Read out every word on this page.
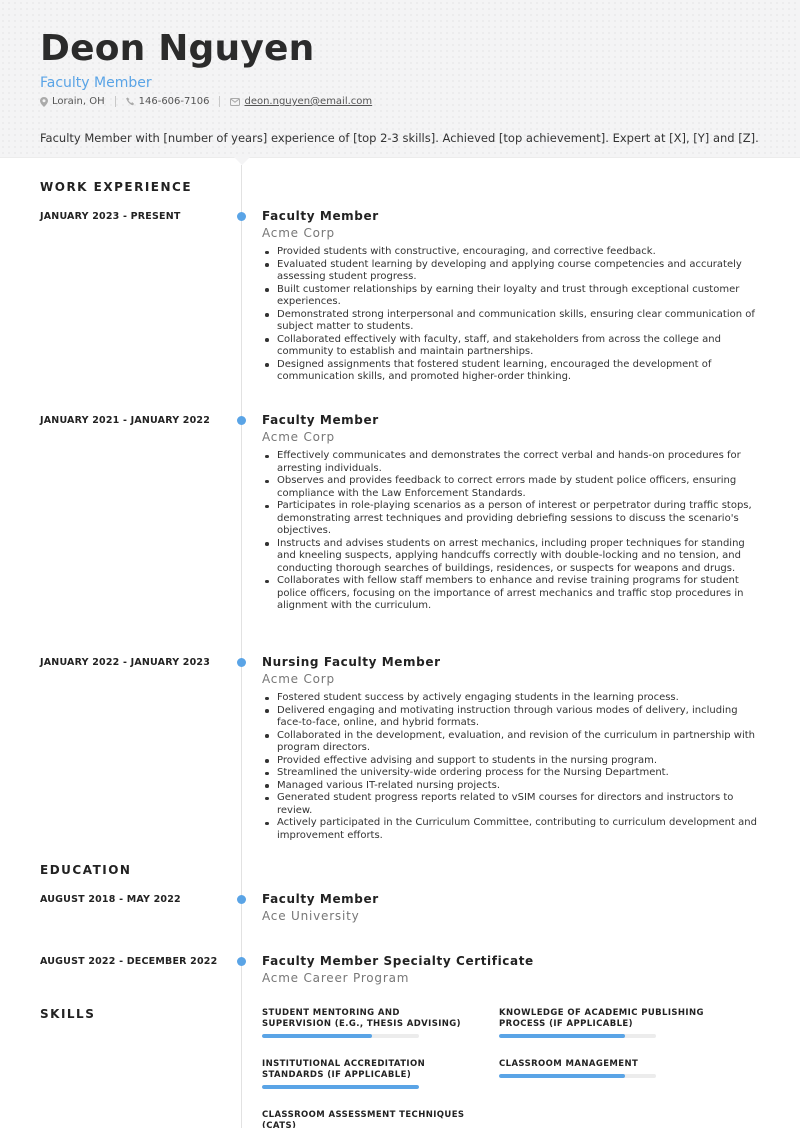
Deon Nguyen
Faculty Member
Lorain, OH	146-606-7106	deon.nguyen@email.com
Faculty Member with [number of years] experience of [top 2-3 skills]. Achieved [top achievement]. Expert at [X], [Y] and [Z].
WORK EXPERIENCE
JANUARY 2023 - PRESENT	Faculty Member
Acme Corp
Provided students with constructive, encouraging, and corrective feedback.
Evaluated student learning by developing and applying course competencies and accurately assessing student progress.
Built customer relationships by earning their loyalty and trust through exceptional customer experiences.
Demonstrated strong interpersonal and communication skills, ensuring clear communication of subject matter to students.
Collaborated effectively with faculty, staff, and stakeholders from across the college and community to establish and maintain partnerships.
Designed assignments that fostered student learning, encouraged the development of communication skills, and promoted higher-order thinking.
JANUARY 2021 - JANUARY 2022	Faculty Member
Acme Corp
Effectively communicates and demonstrates the correct verbal and hands-on procedures for arresting individuals.
Observes and provides feedback to correct errors made by student police officers, ensuring compliance with the Law Enforcement Standards.
Participates in role-playing scenarios as a person of interest or perpetrator during traffic stops, demonstrating arrest techniques and providing debriefing sessions to discuss the scenario's objectives.
Instructs and advises students on arrest mechanics, including proper techniques for standing and kneeling suspects, applying handcuffs correctly with double-locking and no tension, and conducting thorough searches of buildings, residences, or suspects for weapons and drugs.
Collaborates with fellow staff members to enhance and revise training programs for student police officers, focusing on the importance of arrest mechanics and traffic stop procedures in alignment with the curriculum.
JANUARY 2022 - JANUARY 2023	Nursing Faculty Member
Acme Corp
Fostered student success by actively engaging students in the learning process.
Delivered engaging and motivating instruction through various modes of delivery, including face-to-face, online, and hybrid formats.
Collaborated in the development, evaluation, and revision of the curriculum in partnership with program directors.
Provided effective advising and support to students in the nursing program.
Streamlined the university-wide ordering process for the Nursing Department.
Managed various IT-related nursing projects.
Generated student progress reports related to vSIM courses for directors and instructors to review.
Actively participated in the Curriculum Committee, contributing to curriculum development and improvement efforts.
EDUCATION
AUGUST 2018 - MAY 2022	Faculty Member
Ace University
AUGUST 2022 - DECEMBER 2022	Faculty Member Specialty Certificate
Acme Career Program
SKILLS	STUDENT MENTORING AND SUPERVISION (E.G., THESIS ADVISING)
KNOWLEDGE OF ACADEMIC PUBLISHING PROCESS (IF APPLICABLE)
INSTITUTIONAL ACCREDITATION STANDARDS (IF APPLICABLE)
CLASSROOM MANAGEMENT
CLASSROOM ASSESSMENT TECHNIQUES (CATS)
